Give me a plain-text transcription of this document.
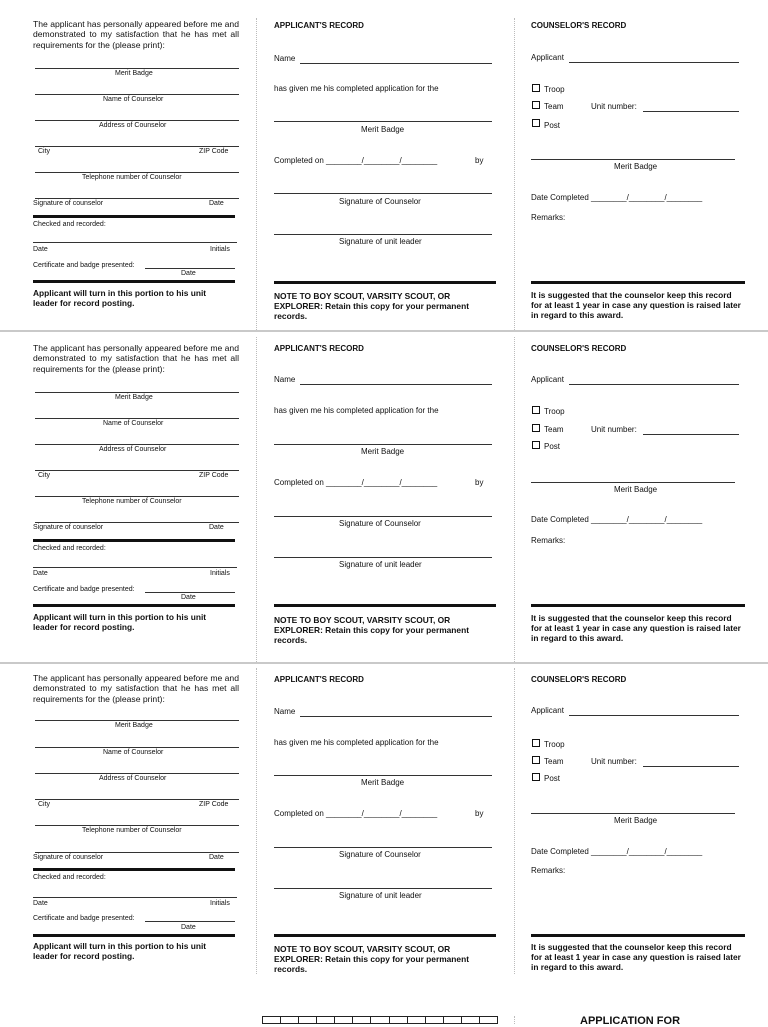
The applicant has personally appeared before me and demonstrated to my satisfaction that he has met all requirements for the (please print):
Merit Badge
Name of Counselor
Address of Counselor
City	ZIP Code
Telephone number of Counselor
Signature of counselor	Date
Checked and recorded:
Date	Initials
Certificate and badge presented:
Date
Applicant will turn in this portion to his unit leader for record posting.
APPLICANT'S RECORD
Name
has given me his completed application for the
Merit Badge
Completed on ________/________/________	by
Signature of Counselor
Signature of unit leader
NOTE TO BOY SCOUT, VARSITY SCOUT, OR EXPLORER: Retain this copy for your permanent records.
COUNSELOR'S RECORD
Applicant
Troop
Team	Unit number:
Post
Merit Badge
Date Completed ________/________/________
Remarks:
It is suggested that the counselor keep this record for at least 1 year in case any question is raised later in regard to this award.
The applicant has personally appeared before me and demonstrated to my satisfaction that he has met all requirements for the (please print):
Merit Badge
Name of Counselor
Address of Counselor
City	ZIP Code
Telephone number of Counselor
Signature of counselor	Date
Checked and recorded:
Date	Initials
Certificate and badge presented:
Date
Applicant will turn in this portion to his unit leader for record posting.
APPLICANT'S RECORD
Name
has given me his completed application for the
Merit Badge
Completed on ________/________/________	by
Signature of Counselor
Signature of unit leader
NOTE TO BOY SCOUT, VARSITY SCOUT, OR EXPLORER: Retain this copy for your permanent records.
COUNSELOR'S RECORD
Applicant
Troop
Team	Unit number:
Post
Merit Badge
Date Completed ________/________/________
Remarks:
It is suggested that the counselor keep this record for at least 1 year in case any question is raised later in regard to this award.
The applicant has personally appeared before me and demonstrated to my satisfaction that he has met all requirements for the (please print):
Merit Badge
Name of Counselor
Address of Counselor
City	ZIP Code
Telephone number of Counselor
Signature of counselor	Date
Checked and recorded:
Date	Initials
Certificate and badge presented:
Date
Applicant will turn in this portion to his unit leader for record posting.
APPLICANT'S RECORD
Name
has given me his completed application for the
Merit Badge
Completed on ________/________/________	by
Signature of Counselor
Signature of unit leader
NOTE TO BOY SCOUT, VARSITY SCOUT, OR EXPLORER: Retain this copy for your permanent records.
COUNSELOR'S RECORD
Applicant
Troop
Team	Unit number:
Post
Merit Badge
Date Completed ________/________/________
Remarks:
It is suggested that the counselor keep this record for at least 1 year in case any question is raised later in regard to this award.
APPLICATION FOR
